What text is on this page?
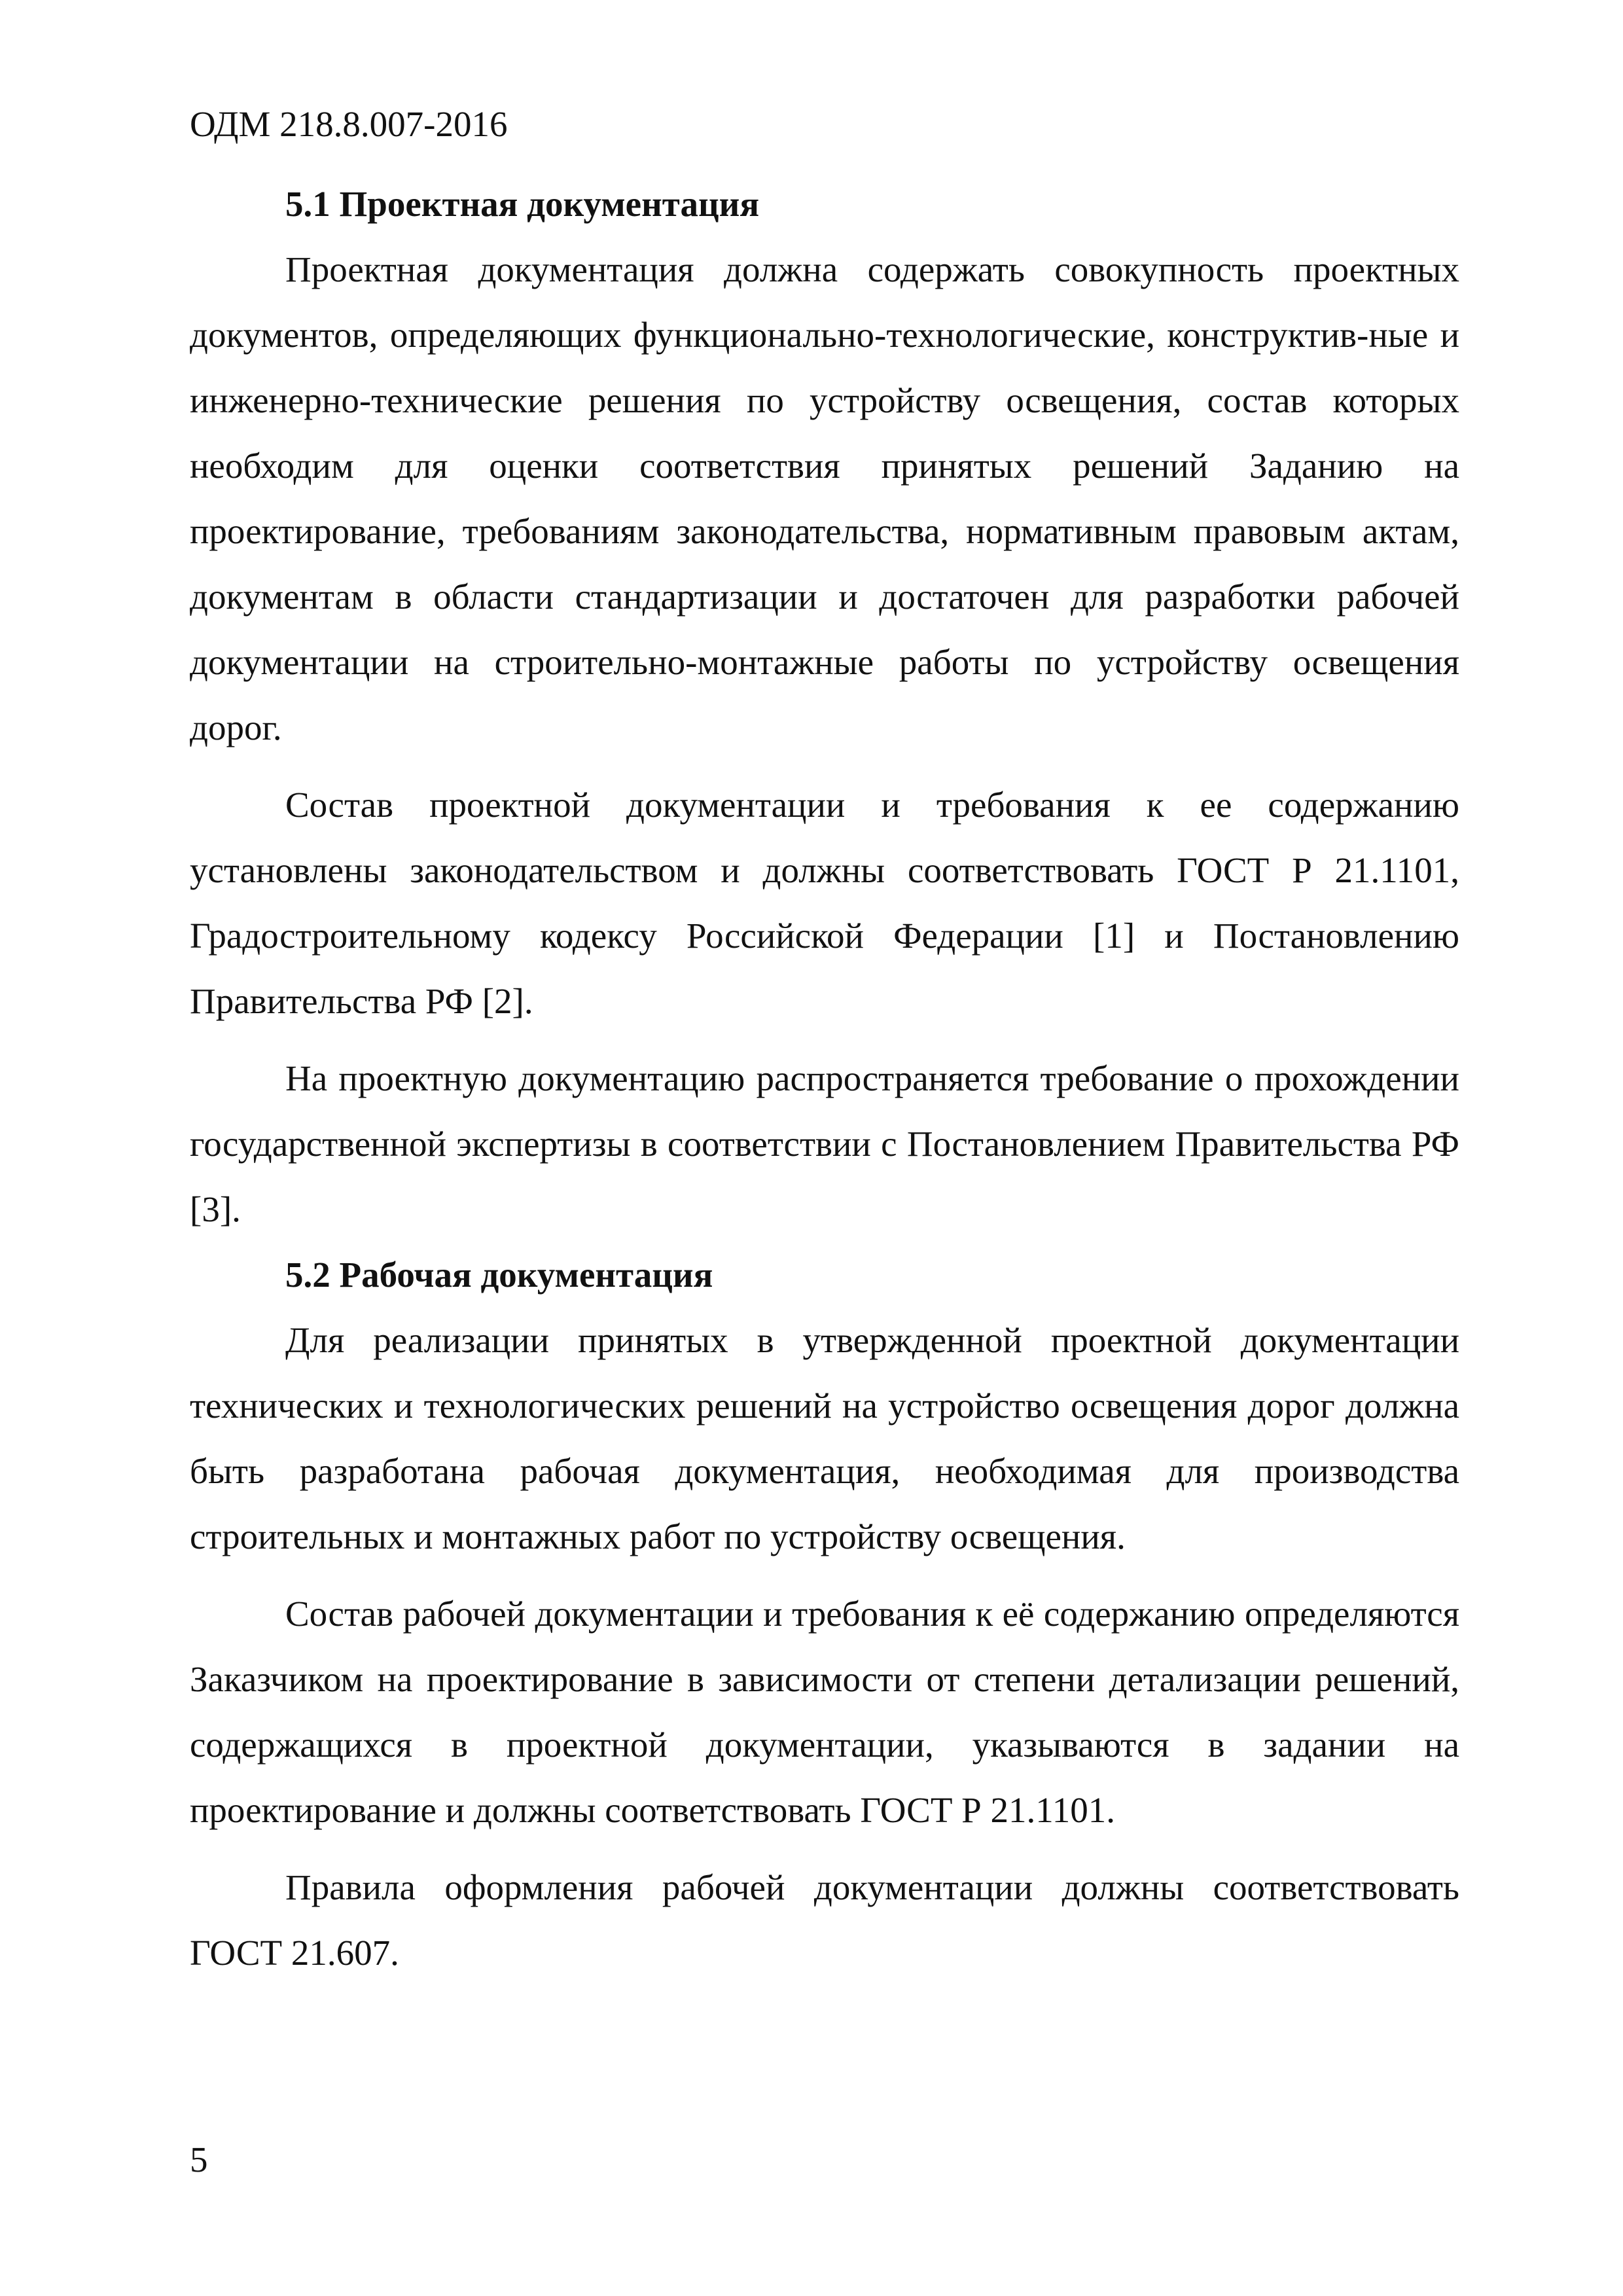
ОДМ 218.8.007-2016
5.1 Проектная документация

Проектная документация должна содержать совокупность проектных документов, определяющих функционально-технологические, конструктив-ные и инженерно-технические решения по устройству освещения, состав которых необходим для оценки соответствия принятых решений Заданию на проектирование, требованиям законодательства, нормативным правовым актам, документам в области стандартизации и достаточен для разработки рабочей документации на строительно-монтажные работы по устройству освещения дорог.

Состав проектной документации и требования к ее содержанию установлены законодательством и должны соответствовать ГОСТ Р 21.1101, Градостроительному кодексу Российской Федерации [1] и Постановлению Правительства РФ [2].

На проектную документацию распространяется требование о прохождении государственной экспертизы в соответствии с Постановлением Правительства РФ [3].

5.2 Рабочая документация

Для реализации принятых в утвержденной проектной документации технических и технологических решений на устройство освещения дорог должна быть разработана рабочая документация, необходимая для производства строительных и монтажных работ по устройству освещения.

Состав рабочей документации и требования к её содержанию определяются Заказчиком на проектирование в зависимости от степени детализации решений, содержащихся в проектной документации, указываются в задании на проектирование и должны соответствовать ГОСТ Р 21.1101.

Правила оформления рабочей документации должны соответствовать ГОСТ 21.607.

5
